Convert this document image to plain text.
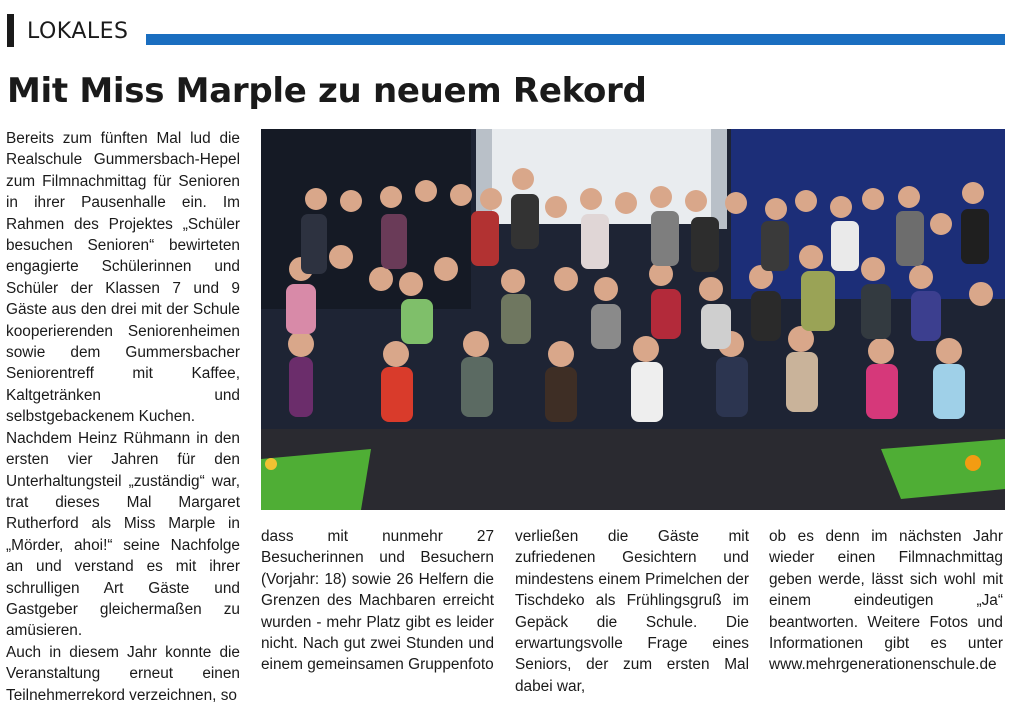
LOKALES
Mit Miss Marple zu neuem Rekord

Bereits zum fünften Mal lud die Realschule Gummersbach-Hepel zum Filmnachmittag für Senioren in ihrer Pausenhalle ein. Im Rahmen des Projektes „Schüler besuchen Senioren“ bewirteten engagierte Schülerinnen und Schüler der Klassen 7 und 9 Gäste aus den drei mit der Schule kooperierenden Seniorenheimen sowie dem Gummersbacher Seniorentreff mit Kaffee, Kaltgetränken und selbstgebackenem Kuchen.

Nachdem Heinz Rühmann in den ersten vier Jahren für den Unterhaltungsteil „zuständig“ war, trat dieses Mal Margaret Rutherford als Miss Marple in „Mörder, ahoi!“ seine Nachfolge an und verstand es mit ihrer schrulligen Art Gäste und Gastgeber gleichermaßen zu amüsieren.

Auch in diesem Jahr konnte die Veranstaltung erneut einen Teilnehmerrekord verzeichnen, so

dass mit nunmehr 27 Besucherinnen und Besuchern (Vorjahr: 18) sowie 26 Helfern die Grenzen des Machbaren erreicht wurden - mehr Platz gibt es leider nicht. Nach gut zwei Stunden und einem gemeinsamen Gruppenfoto

verließen die Gäste mit zufriedenen Gesichtern und mindestens einem Primelchen der Tischdeko als Frühlingsgruß im Gepäck die Schule. Die erwartungsvolle Frage eines Seniors, der zum ersten Mal dabei war,

ob es denn im nächsten Jahr wieder einen Filmnachmittag geben werde, lässt sich wohl mit einem eindeutigen „Ja“ beantworten. Weitere Fotos und Informationen gibt es unter www.mehrgenerationenschule.de
